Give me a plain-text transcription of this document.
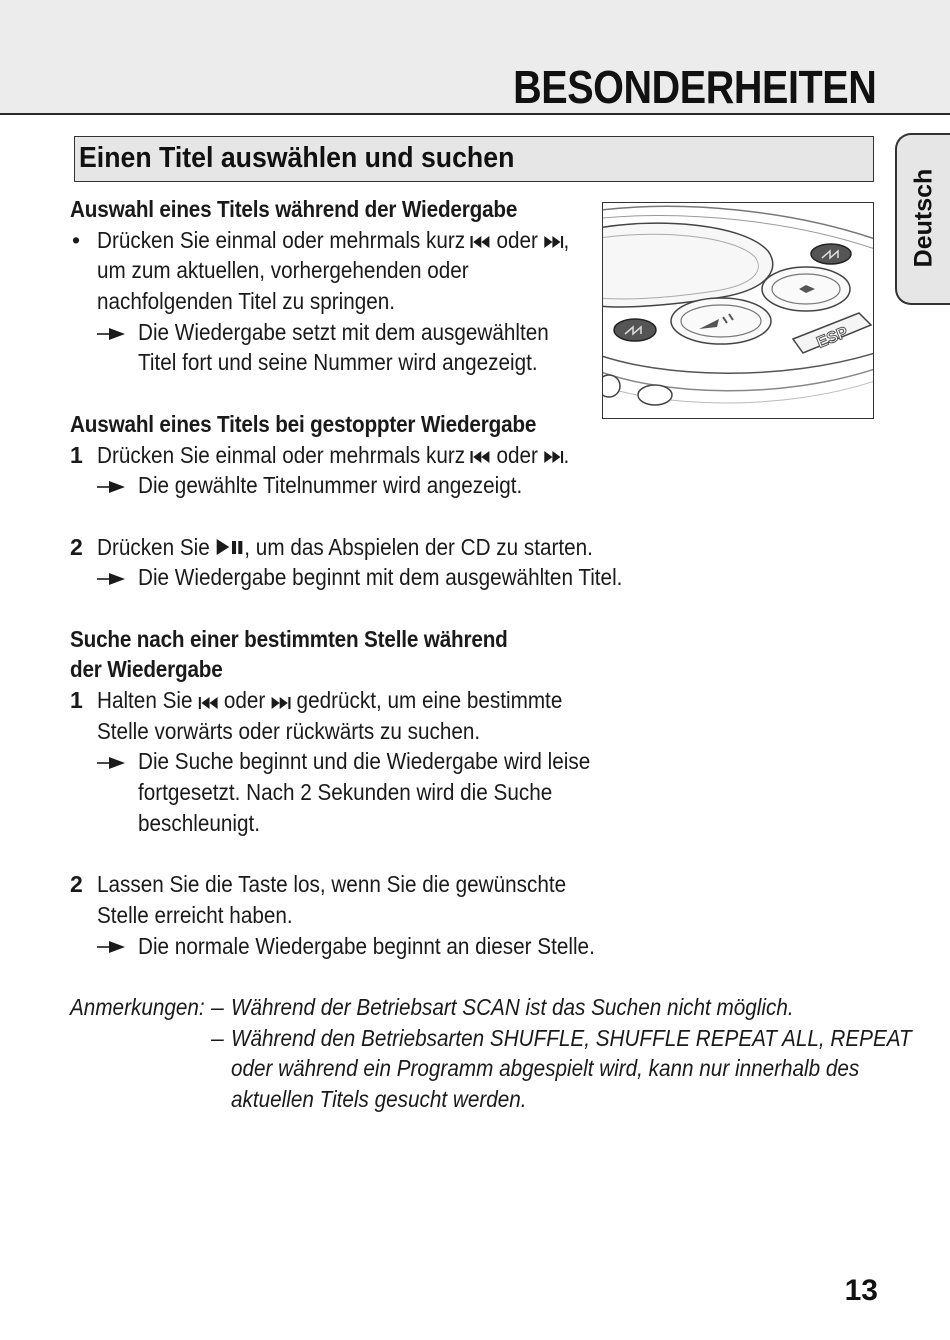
BESONDERHEITEN
Einen Titel auswählen und suchen
Deutsch
ESP
Auswahl eines Titels während der Wiedergabe
• Drücken Sie einmal oder mehrmals kurz  oder ,
um zum aktuellen, vorhergehenden oder
nachfolgenden Titel zu springen.
Die Wiedergabe setzt mit dem ausgewählten
Titel fort und seine Nummer wird angezeigt.
Auswahl eines Titels bei gestoppter Wiedergabe
1 Drücken Sie einmal oder mehrmals kurz  oder .
Die gewählte Titelnummer wird angezeigt.
2 Drücken Sie , um das Abspielen der CD zu starten.
Die Wiedergabe beginnt mit dem ausgewählten Titel.
Suche nach einer bestimmten Stelle während
der Wiedergabe
1 Halten Sie  oder  gedrückt, um eine bestimmte
Stelle vorwärts oder rückwärts zu suchen.
Die Suche beginnt und die Wiedergabe wird leise
fortgesetzt. Nach 2 Sekunden wird die Suche
beschleunigt.
2 Lassen Sie die Taste los, wenn Sie die gewünschte
Stelle erreicht haben.
Die normale Wiedergabe beginnt an dieser Stelle.
Anmerkungen: – Während der Betriebsart SCAN ist das Suchen nicht möglich.
– Während den Betriebsarten SHUFFLE, SHUFFLE REPEAT ALL, REPEAT
oder während ein Programm abgespielt wird, kann nur innerhalb des
aktuellen Titels gesucht werden.
13
